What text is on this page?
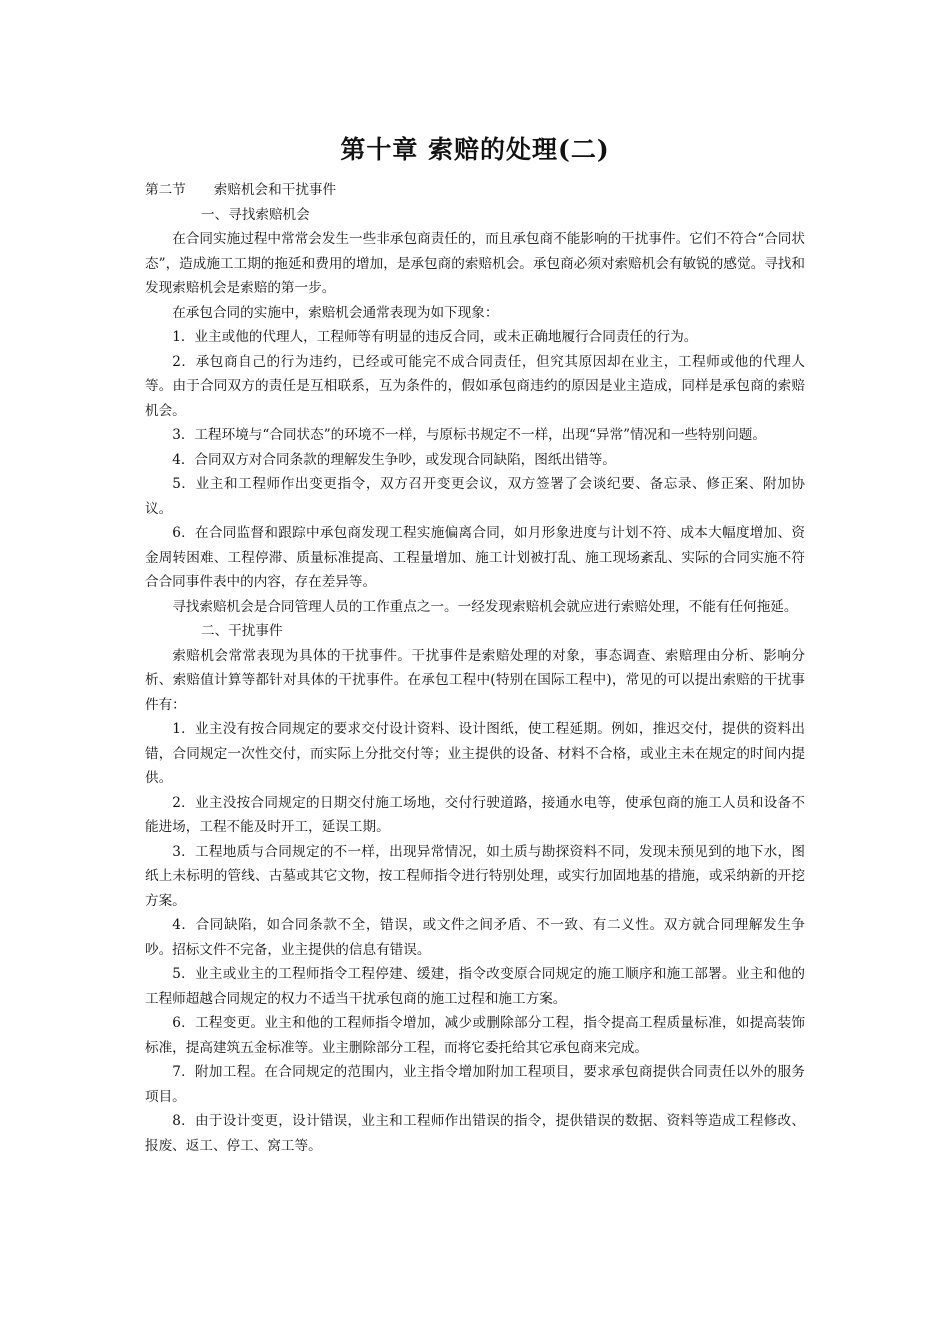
第十章 索赔的处理(二)

第二节 索赔机会和干扰事件

一、寻找索赔机会

在合同实施过程中常常会发生一些非承包商责任的，而且承包商不能影响的干扰事件。它们不符合“合同状态”，造成施工工期的拖延和费用的增加，是承包商的索赔机会。承包商必须对索赔机会有敏锐的感觉。寻找和发现索赔机会是索赔的第一步。

在承包合同的实施中，索赔机会通常表现为如下现象：

1．业主或他的代理人，工程师等有明显的违反合同，或未正确地履行合同责任的行为。

2．承包商自己的行为违约，已经或可能完不成合同责任，但究其原因却在业主，工程师或他的代理人等。由于合同双方的责任是互相联系，互为条件的，假如承包商违约的原因是业主造成，同样是承包商的索赔机会。

3．工程环境与“合同状态”的环境不一样，与原标书规定不一样，出现“异常”情况和一些特别问题。

4．合同双方对合同条款的理解发生争吵，或发现合同缺陷，图纸出错等。

5．业主和工程师作出变更指令，双方召开变更会议，双方签署了会谈纪要、备忘录、修正案、附加协议。

6．在合同监督和跟踪中承包商发现工程实施偏离合同，如月形象进度与计划不符、成本大幅度增加、资金周转困难、工程停滞、质量标准提高、工程量增加、施工计划被打乱、施工现场紊乱、实际的合同实施不符合合同事件表中的内容，存在差异等。

寻找索赔机会是合同管理人员的工作重点之一。一经发现索赔机会就应进行索赔处理，不能有任何拖延。

二、干扰事件

索赔机会常常表现为具体的干扰事件。干扰事件是索赔处理的对象，事态调查、索赔理由分析、影响分析、索赔值计算等都针对具体的干扰事件。在承包工程中(特别在国际工程中)，常见的可以提出索赔的干扰事件有：

1．业主没有按合同规定的要求交付设计资料、设计图纸，使工程延期。例如，推迟交付，提供的资料出错，合同规定一次性交付，而实际上分批交付等；业主提供的设备、材料不合格，或业主未在规定的时间内提供。

2．业主没按合同规定的日期交付施工场地，交付行驶道路，接通水电等，使承包商的施工人员和设备不能进场，工程不能及时开工，延误工期。

3．工程地质与合同规定的不一样，出现异常情况，如土质与勘探资料不同，发现未预见到的地下水，图纸上未标明的管线、古墓或其它文物，按工程师指令进行特别处理，或实行加固地基的措施，或采纳新的开挖方案。

4．合同缺陷，如合同条款不全，错误，或文件之间矛盾、不一致、有二义性。双方就合同理解发生争吵。招标文件不完备，业主提供的信息有错误。

5．业主或业主的工程师指令工程停建、缓建，指令改变原合同规定的施工顺序和施工部署。业主和他的工程师超越合同规定的权力不适当干扰承包商的施工过程和施工方案。

6．工程变更。业主和他的工程师指令增加，减少或删除部分工程，指令提高工程质量标准，如提高装饰标准，提高建筑五金标准等。业主删除部分工程，而将它委托给其它承包商来完成。

7．附加工程。在合同规定的范围内，业主指令增加附加工程项目，要求承包商提供合同责任以外的服务项目。

8．由于设计变更，设计错误，业主和工程师作出错误的指令，提供错误的数据、资料等造成工程修改、报废、返工、停工、窝工等。
